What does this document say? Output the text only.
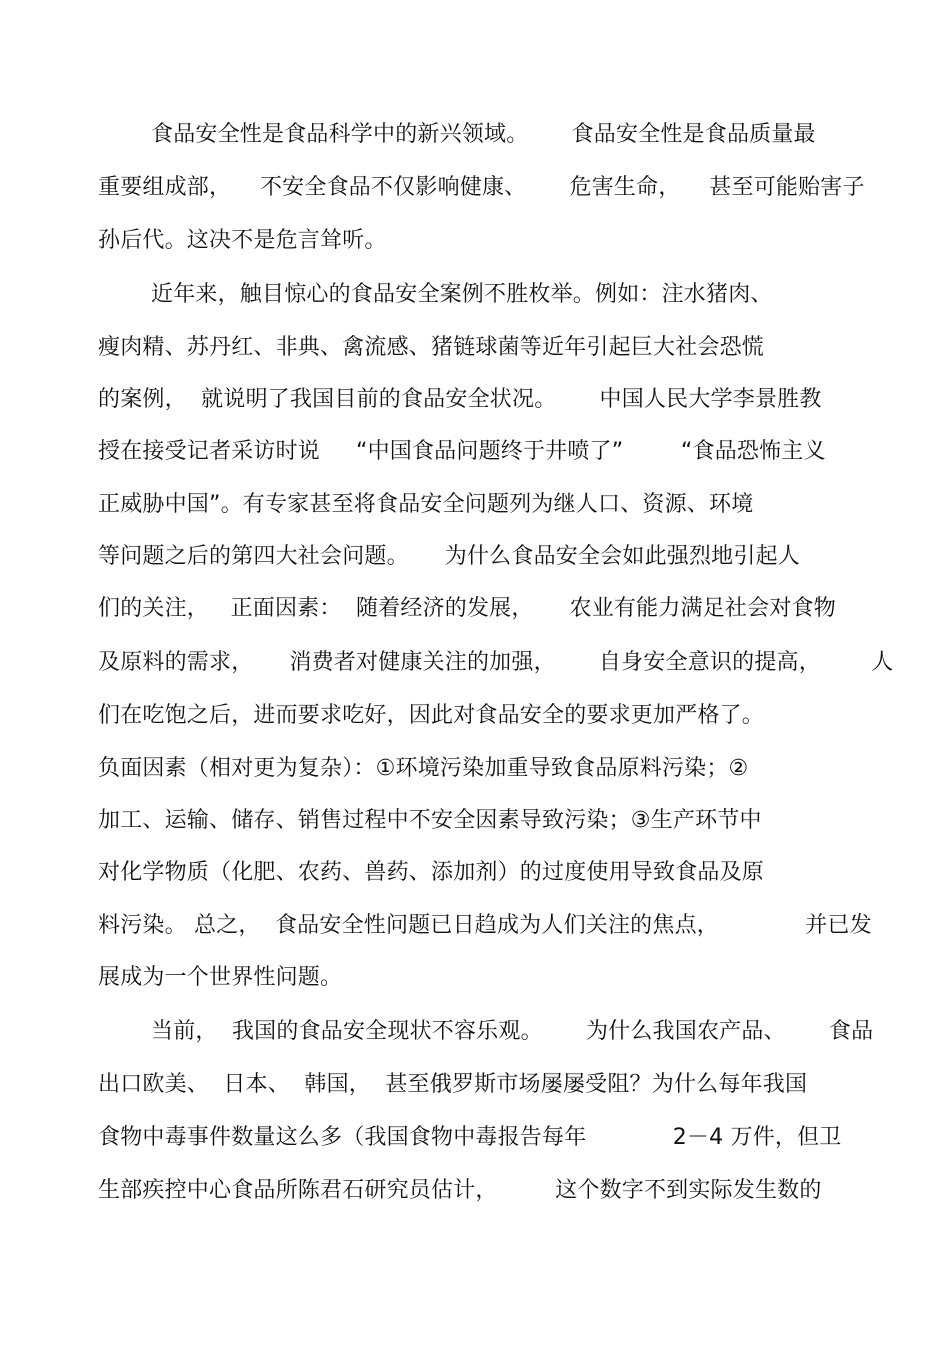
食品安全性是食品科学中的新兴领域。      食品安全性是食品质量最
重要组成部，    不安全食品不仅影响健康、      危害生命，    甚至可能贻害子
孙后代。这决不是危言耸听。
近年来，触目惊心的食品安全案例不胜枚举。例如：注水猪肉、
瘦肉精、苏丹红、非典、禽流感、猪链球菌等近年引起巨大社会恐慌
的案例，  就说明了我国目前的食品安全状况。      中国人民大学李景胜教
授在接受记者采访时说     “中国食品问题终于井喷了”        “食品恐怖主义
正威胁中国”。有专家甚至将食品安全问题列为继人口、资源、环境
等问题之后的第四大社会问题。     为什么食品安全会如此强烈地引起人
们的关注，   正面因素：  随着经济的发展，     农业有能力满足社会对食物
及原料的需求，     消费者对健康关注的加强，      自身安全意识的提高，       人
们在吃饱之后，进而要求吃好，因此对食品安全的要求更加严格了。
负面因素（相对更为复杂）：①环境污染加重导致食品原料污染；②
加工、运输、储存、销售过程中不安全因素导致污染；③生产环节中
对化学物质（化肥、农药、兽药、添加剂）的过度使用导致食品及原
料污染。 总之，  食品安全性问题已日趋成为人们关注的焦点，            并已发
展成为一个世界性问题。
当前，  我国的食品安全现状不容乐观。      为什么我国农产品、      食品
出口欧美、  日本、  韩国，  甚至俄罗斯市场屡屡受阻？为什么每年我国
食物中毒事件数量这么多（我国食物中毒报告每年            2－4 万件，但卫
生部疾控中心食品所陈君石研究员估计，        这个数字不到实际发生数的
